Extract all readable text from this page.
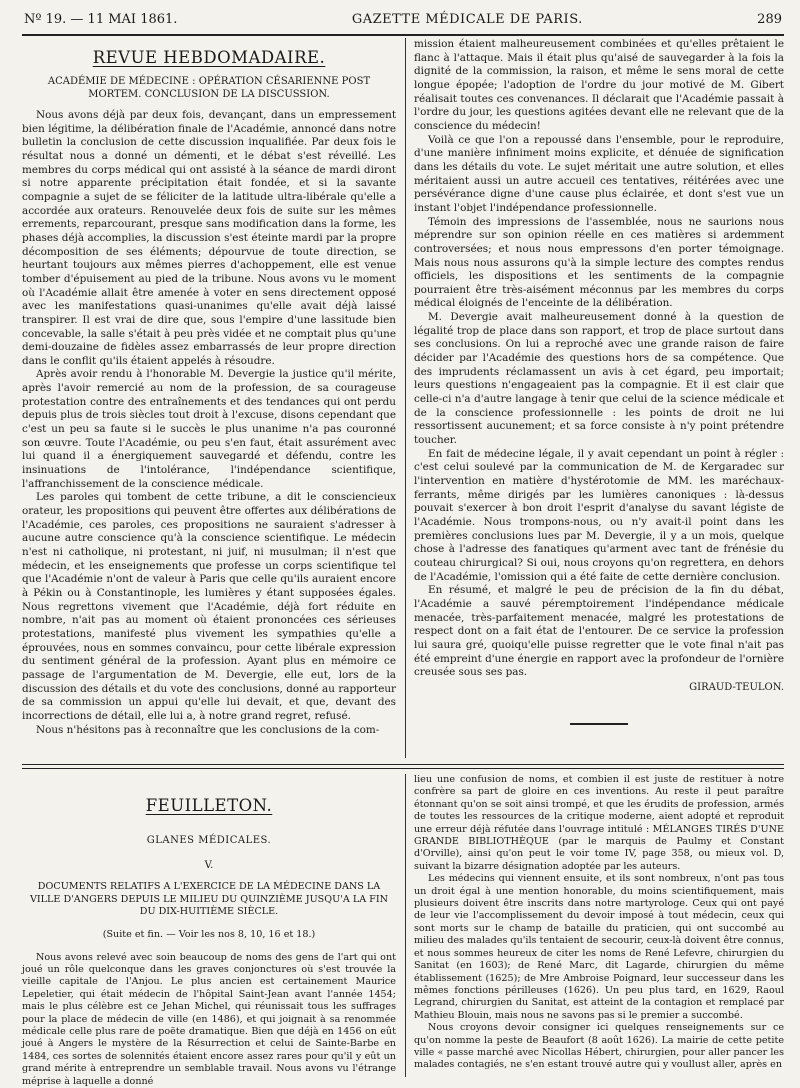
Nº 19. — 11 MAI 1861.	GAZETTE MÉDICALE DE PARIS.	289
REVUE HEBDOMADAIRE.
ACADÉMIE DE MÉDECINE : OPÉRATION CÉSARIENNE POST MORTEM. CONCLUSION DE LA DISCUSSION.

Nous avons déjà par deux fois, devançant, dans un empressement bien légitime, la délibération finale de l'Académie, annoncé dans notre bulletin la conclusion de cette discussion inqualifiée. Par deux fois le résultat nous a donné un démenti, et le débat s'est réveillé. Les membres du corps médical qui ont assisté à la séance de mardi diront si notre apparente précipitation était fondée, et si la savante compagnie a sujet de se féliciter de la latitude ultra-libérale qu'elle a accordée aux orateurs. Renouvelée deux fois de suite sur les mêmes errements, reparcourant, presque sans modification dans la forme, les phases déjà accomplies, la discussion s'est éteinte mardi par la propre décomposition de ses éléments; dépourvue de toute direction, se heurtant toujours aux mêmes pierres d'achoppement, elle est venue tomber d'épuisement au pied de la tribune. Nous avons vu le moment où l'Académie allait être amenée à voter en sens directement opposé avec les manifestations quasi-unanimes qu'elle avait déjà laissé transpirer. Il est vrai de dire que, sous l'empire d'une lassitude bien concevable, la salle s'était à peu près vidée et ne comptait plus qu'une demi-douzaine de fidèles assez embarrassés de leur propre direction dans le conflit qu'ils étaient appelés à résoudre.

Après avoir rendu à l'honorable M. Devergie la justice qu'il mérite, après l'avoir remercié au nom de la profession, de sa courageuse protestation contre des entraînements et des tendances qui ont perdu depuis plus de trois siècles tout droit à l'excuse, disons cependant que c'est un peu sa faute si le succès le plus unanime n'a pas couronné son œuvre. Toute l'Académie, ou peu s'en faut, était assurément avec lui quand il a énergiquement sauvegardé et défendu, contre les insinuations de l'intolérance, l'indépendance scientifique, l'affranchissement de la conscience médicale.

Les paroles qui tombent de cette tribune, a dit le consciencieux orateur, les propositions qui peuvent être offertes aux délibérations de l'Académie, ces paroles, ces propositions ne sauraient s'adresser à aucune autre conscience qu'à la conscience scientifique. Le médecin n'est ni catholique, ni protestant, ni juif, ni musulman; il n'est que médecin, et les enseignements que professe un corps scientifique tel que l'Académie n'ont de valeur à Paris que celle qu'ils auraient encore à Pékin ou à Constantinople, les lumières y étant supposées égales. Nous regrettons vivement que l'Académie, déjà fort réduite en nombre, n'ait pas au moment où étaient prononcées ces sérieuses protestations, manifesté plus vivement les sympathies qu'elle a éprouvées, nous en sommes convaincu, pour cette libérale expression du sentiment général de la profession. Ayant plus en mémoire ce passage de l'argumentation de M. Devergie, elle eut, lors de la discussion des détails et du vote des conclusions, donné au rapporteur de sa commission un appui qu'elle lui devait, et que, devant des incorrections de détail, elle lui a, à notre grand regret, refusé.

Nous n'hésitons pas à reconnaître que les conclusions de la com-

mission étaient malheureusement combinées et qu'elles prêtaient le flanc à l'attaque. Mais il était plus qu'aisé de sauvegarder à la fois la dignité de la commission, la raison, et même le sens moral de cette longue épopée; l'adoption de l'ordre du jour motivé de M. Gibert réalisait toutes ces convenances. Il déclarait que l'Académie passait à l'ordre du jour, les questions agitées devant elle ne relevant que de la conscience du médecin!

Voilà ce que l'on a repoussé dans l'ensemble, pour le reproduire, d'une manière infiniment moins explicite, et dénuée de signification dans les détails du vote. Le sujet méritait une autre solution, et elles méritaient aussi un autre accueil ces tentatives, réitérées avec une persévérance digne d'une cause plus éclairée, et dont s'est vue un instant l'objet l'indépendance professionnelle.

Témoin des impressions de l'assemblée, nous ne saurions nous méprendre sur son opinion réelle en ces matières si ardemment controversées; et nous nous empressons d'en porter témoignage. Mais nous nous assurons qu'à la simple lecture des comptes rendus officiels, les dispositions et les sentiments de la compagnie pourraient être très-aisément méconnus par les membres du corps médical éloignés de l'enceinte de la délibération.

M. Devergie avait malheureusement donné à la question de légalité trop de place dans son rapport, et trop de place surtout dans ses conclusions. On lui a reproché avec une grande raison de faire décider par l'Académie des questions hors de sa compétence. Que des imprudents réclamassent un avis à cet égard, peu importait; leurs questions n'engageaient pas la compagnie. Et il est clair que celle-ci n'a d'autre langage à tenir que celui de la science médicale et de la conscience professionnelle : les points de droit ne lui ressortissent aucunement; et sa force consiste à n'y point prétendre toucher.

En fait de médecine légale, il y avait cependant un point à régler : c'est celui soulevé par la communication de M. de Kergaradec sur l'intervention en matière d'hystérotomie de MM. les maréchaux-ferrants, même dirigés par les lumières canoniques : là-dessus pouvait s'exercer à bon droit l'esprit d'analyse du savant légiste de l'Académie. Nous trompons-nous, ou n'y avait-il point dans les premières conclusions lues par M. Devergie, il y a un mois, quelque chose à l'adresse des fanatiques qu'arment avec tant de frénésie du couteau chirurgical? Si oui, nous croyons qu'on regrettera, en dehors de l'Académie, l'omission qui a été faite de cette dernière conclusion.

En résumé, et malgré le peu de précision de la fin du débat, l'Académie a sauvé péremptoirement l'indépendance médicale menacée, très-parfaitement menacée, malgré les protestations de respect dont on a fait état de l'entourer. De ce service la profession lui saura gré, quoiqu'elle puisse regretter que le vote final n'ait pas été empreint d'une énergie en rapport avec la profondeur de l'ornière creusée sous ses pas.

GIRAUD-TEULON.
FEUILLETON.
GLANES MÉDICALES.
V.
DOCUMENTS RELATIFS A L'EXERCICE DE LA MÉDECINE DANS LA VILLE D'ANGERS DEPUIS LE MILIEU DU QUINZIÈME JUSQU'A LA FIN DU DIX-HUITIÈME SIÈCLE.
(Suite et fin. — Voir les nos 8, 10, 16 et 18.)

Nous avons relevé avec soin beaucoup de noms des gens de l'art qui ont joué un rôle quelconque dans les graves conjonctures où s'est trouvée la vieille capitale de l'Anjou. Le plus ancien est certainement Maurice Lepeletier, qui était médecin de l'hôpital Saint-Jean avant l'année 1454; mais le plus célèbre est ce Jehan Michel, qui réunissait tous les suffrages pour la place de médecin de ville (en 1486), et qui joignait à sa renommée médicale celle plus rare de poëte dramatique. Bien que déjà en 1456 on eût joué à Angers le mystère de la Résurrection et celui de Sainte-Barbe en 1484, ces sortes de solennités étaient encore assez rares pour qu'il y eût un grand mérite à entreprendre un semblable travail. Nous avons vu l'étrange méprise à laquelle a donné

lieu une confusion de noms, et combien il est juste de restituer à notre confrère sa part de gloire en ces inventions. Au reste il peut paraître étonnant qu'on se soit ainsi trompé, et que les érudits de profession, armés de toutes les ressources de la critique moderne, aient adopté et reproduit une erreur déjà réfutée dans l'ouvrage intitulé : MÉLANGES TIRÉS D'UNE GRANDE BIBLIOTHÈQUE (par le marquis de Paulmy et Constant d'Orville), ainsi qu'on peut le voir tome IV, page 358, ou mieux vol. D, suivant la bizarre désignation adoptée par les auteurs.

Les médecins qui viennent ensuite, et ils sont nombreux, n'ont pas tous un droit égal à une mention honorable, du moins scientifiquement, mais plusieurs doivent être inscrits dans notre martyrologe. Ceux qui ont payé de leur vie l'accomplissement du devoir imposé à tout médecin, ceux qui sont morts sur le champ de bataille du praticien, qui ont succombé au milieu des malades qu'ils tentaient de secourir, ceux-là doivent être connus, et nous sommes heureux de citer les noms de René Lefevre, chirurgien du Sanitat (en 1603); de René Marc, dit Lagarde, chirurgien du même établissement (1625); de Mre Ambroise Poignard, leur successeur dans les mêmes fonctions périlleuses (1626). Un peu plus tard, en 1629, Raoul Legrand, chirurgien du Sanitat, est atteint de la contagion et remplacé par Mathieu Blouin, mais nous ne savons pas si le premier a succombé.

Nous croyons devoir consigner ici quelques renseignements sur ce qu'on nomme la peste de Beaufort (8 août 1626). La mairie de cette petite ville « passe marché avec Nicollas Hébert, chirurgien, pour aller pancer les malades contagiés, ne s'en estant trouvé autre qui y voullust aller, après en
